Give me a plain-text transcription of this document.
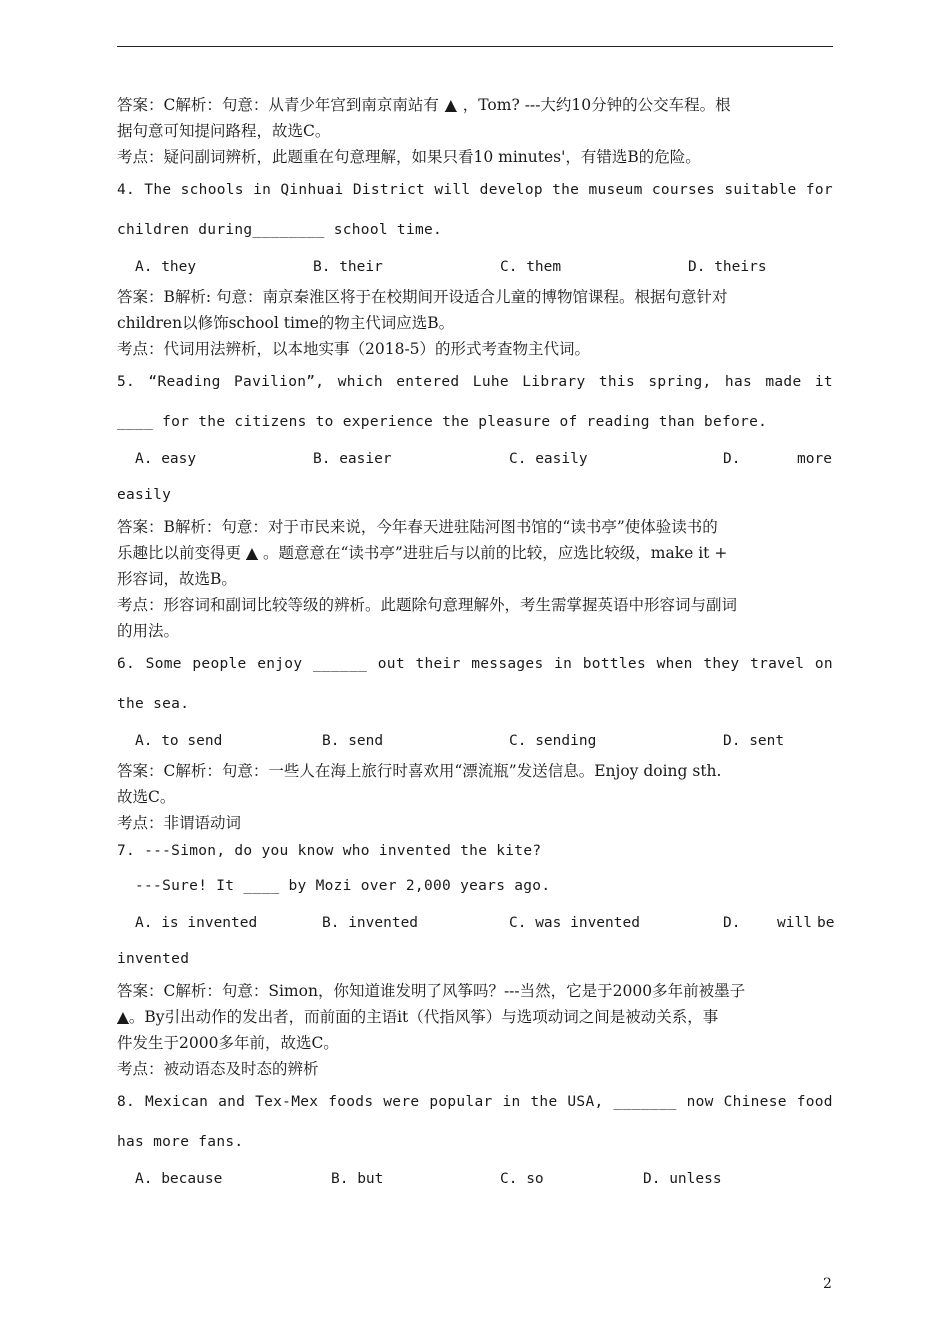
答案：C解析：句意：从青少年宫到南京南站有 ▲ ，Tom? ---大约10分钟的公交车程。根
据句意可知提问路程，故选C。
考点：疑问副词辨析，此题重在句意理解，如果只看10 minutes'，有错选B的危险。
4. The schools in Qinhuai District will develop the museum courses suitable for
children during________ school time.
A. they	B. their	C. them	D. theirs
答案：B解析: 句意：南京秦淮区将于在校期间开设适合儿童的博物馆课程。根据句意针对
children以修饰school time的物主代词应选B。
考点：代词用法辨析，以本地实事（2018-5）的形式考查物主代词。
5. “Reading Pavilion”, which entered Luhe Library this spring, has made it
____ for the citizens to experience the pleasure of reading than before.
A. easy	B. easier	C. easily	D.	more
easily
答案：B解析：句意：对于市民来说，今年春天进驻陆河图书馆的“读书亭”使体验读书的
乐趣比以前变得更 ▲ 。题意意在“读书亭”进驻后与以前的比较，应选比较级，make it +
形容词，故选B。
考点：形容词和副词比较等级的辨析。此题除句意理解外，考生需掌握英语中形容词与副词
的用法。
6. Some people enjoy ______ out their messages in bottles when they travel on
the sea.
A. to send	B. send	C. sending	D. sent
答案：C解析：句意：一些人在海上旅行时喜欢用“漂流瓶”发送信息。Enjoy doing sth.
故选C。
考点：非谓语动词
7. ---Simon, do you know who invented the kite?
---Sure! It ____ by Mozi over 2,000 years ago.
A. is invented	B. invented	C. was invented	D.	will be
invented
答案：C解析：句意：Simon，你知道谁发明了风筝吗？---当然，它是于2000多年前被墨子
▲。By引出动作的发出者，而前面的主语it（代指风筝）与选项动词之间是被动关系，事
件发生于2000多年前，故选C。
考点：被动语态及时态的辨析
8. Mexican and Tex-Mex foods were popular in the USA, _______ now Chinese food
has more fans.
A. because	B. but	C. so	D. unless
2
